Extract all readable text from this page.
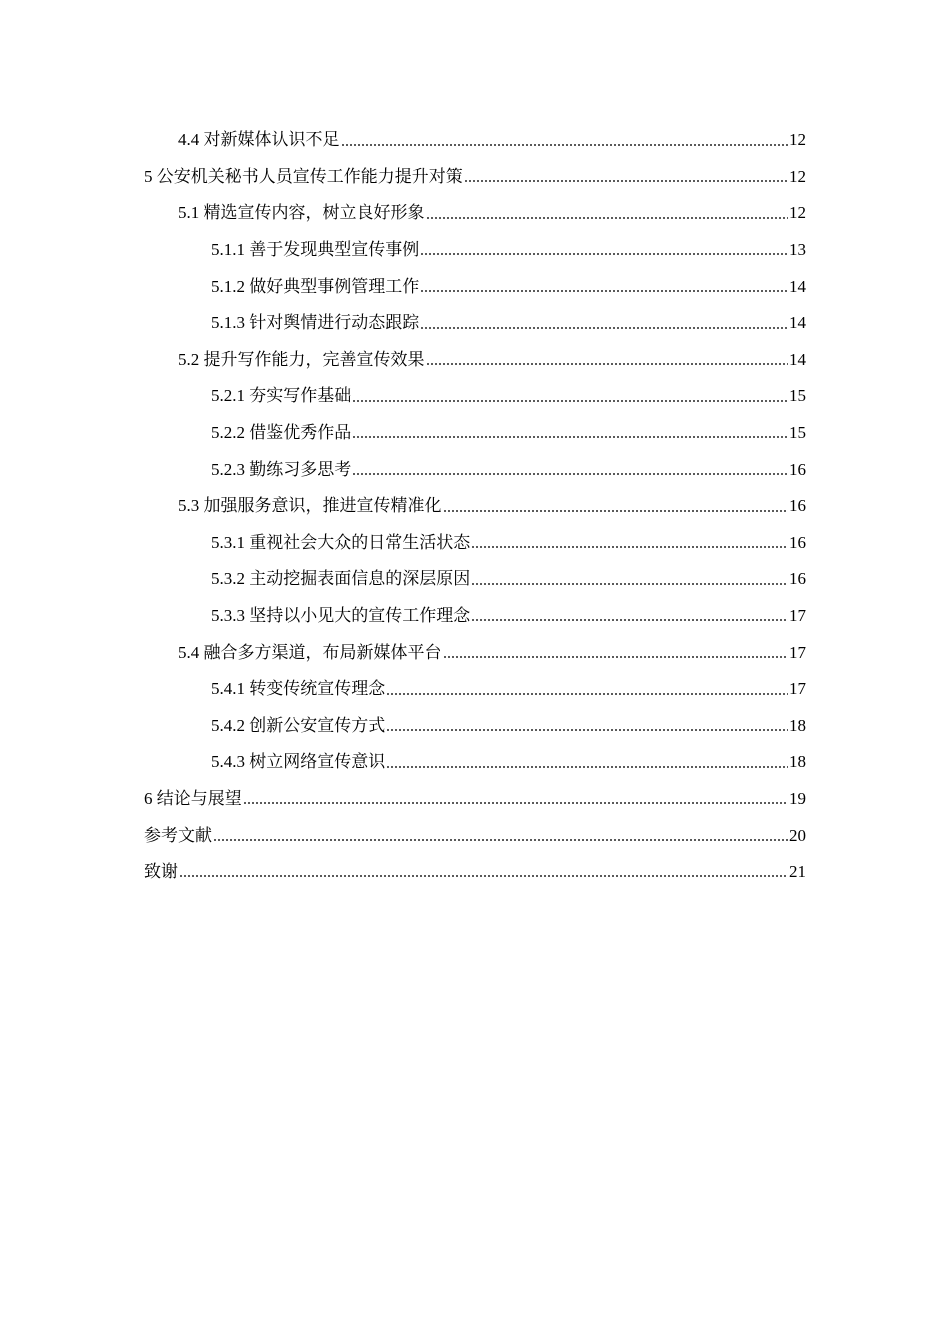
4.4 对新媒体认识不足	12
5 公安机关秘书人员宣传工作能力提升对策	12
5.1 精选宣传内容，树立良好形象	12
5.1.1 善于发现典型宣传事例	13
5.1.2 做好典型事例管理工作	14
5.1.3 针对舆情进行动态跟踪	14
5.2 提升写作能力，完善宣传效果	14
5.2.1 夯实写作基础	15
5.2.2 借鉴优秀作品	15
5.2.3 勤练习多思考	16
5.3 加强服务意识，推进宣传精准化	16
5.3.1 重视社会大众的日常生活状态	16
5.3.2 主动挖掘表面信息的深层原因	16
5.3.3 坚持以小见大的宣传工作理念	17
5.4 融合多方渠道，布局新媒体平台	17
5.4.1 转变传统宣传理念	17
5.4.2 创新公安宣传方式	18
5.4.3 树立网络宣传意识	18
6 结论与展望	19
参考文献	20
致谢	21
